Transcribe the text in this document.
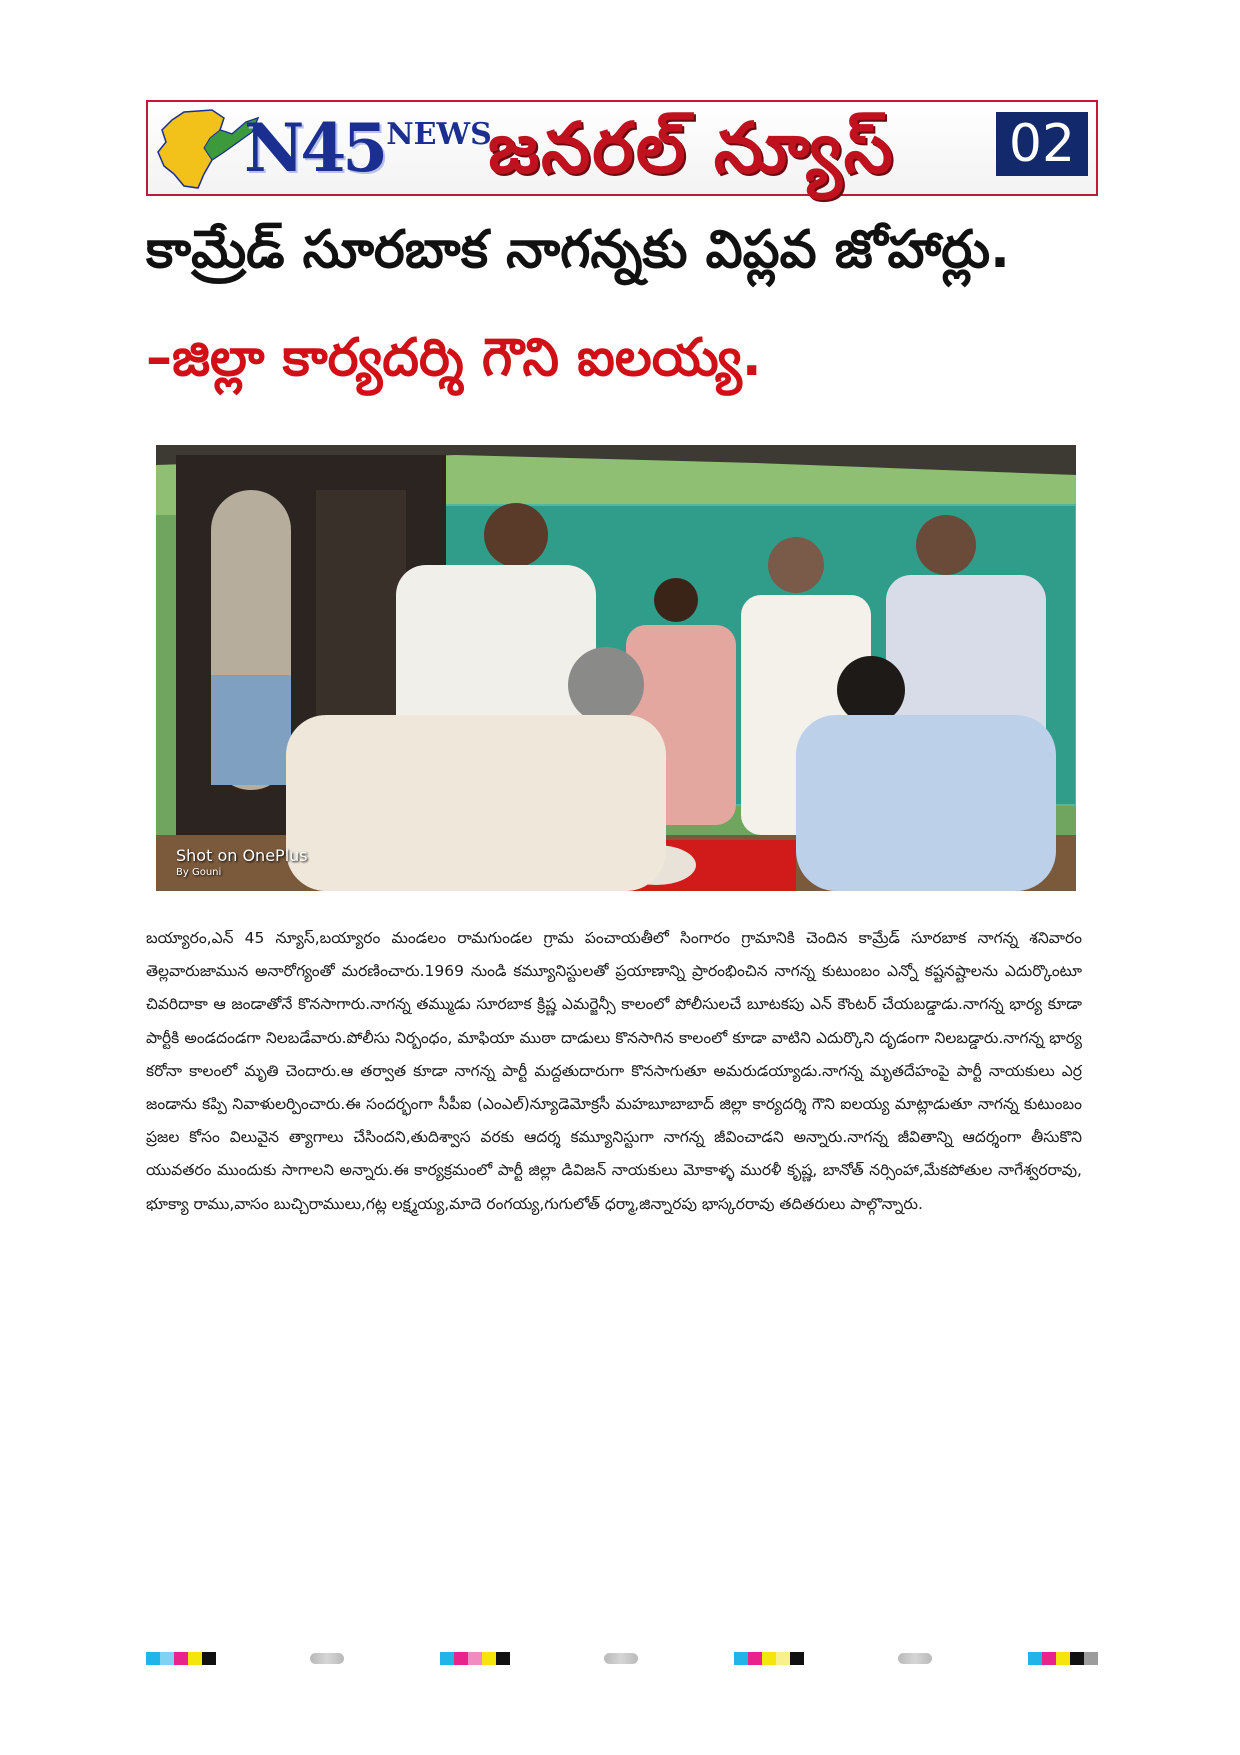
N45 NEWS
జనరల్ న్యూస్ 02
కామ్రేడ్ సూరబాక నాగన్నకు విప్లవ జోహార్లు.
–జిల్లా కార్యదర్శి గౌని ఐలయ్య.
Shot on OnePlus
By Gouni
బయ్యారం,ఎన్ 45 న్యూస్,బయ్యారం మండలం రామగుండల గ్రామ పంచాయతీలో సింగారం గ్రామానికి చెందిన కామ్రేడ్ సూరబాక నాగన్న శనివారం తెల్లవారుజామున అనారోగ్యంతో మరణించారు.1969 నుండి కమ్యూనిస్టులతో ప్రయాణాన్ని ప్రారంభించిన నాగన్న కుటుంబం ఎన్నో కష్టనష్టాలను ఎదుర్కొంటూ చివరిదాకా ఆ జండాతోనే కొనసాగారు.నాగన్న తమ్ముడు సూరబాక క్రిష్ణ ఎమర్జెన్సీ కాలంలో పోలీసులచే బూటకపు ఎన్ కౌంటర్ చేయబడ్డాడు.నాగన్న భార్య కూడా పార్టీకి అండదండగా నిలబడేవారు.పోలీసు నిర్బంధం, మాఫియా ముఠా దాడులు కొనసాగిన కాలంలో కూడా వాటిని ఎదుర్కొని దృడంగా నిలబడ్డారు.నాగన్న భార్య కరోనా కాలంలో మృతి చెందారు.ఆ తర్వాత కూడా నాగన్న పార్టీ మద్దతుదారుగా కొనసాగుతూ అమరుడయ్యాడు.నాగన్న మృతదేహంపై పార్టీ నాయకులు ఎర్ర జండాను కప్పి నివాళులర్పించారు.ఈ సందర్భంగా సీపీఐ (ఎంఎల్)న్యూడెమోక్రసీ మహబూబాబాద్ జిల్లా కార్యదర్శి గౌని ఐలయ్య మాట్లాడుతూ నాగన్న కుటుంబం ప్రజల కోసం విలువైన త్యాగాలు చేసిందని,తుదిశ్వాస వరకు ఆదర్శ కమ్యూనిస్టుగా నాగన్న జీవించాడని అన్నారు.నాగన్న జీవితాన్ని ఆదర్శంగా తీసుకొని యువతరం ముందుకు సాగాలని అన్నారు.ఈ కార్యక్రమంలో పార్టీ జిల్లా డివిజన్ నాయకులు మోకాళ్ళ మురళీ కృష్ణ, బానోత్ నర్సింహా,మేకపోతుల నాగేశ్వరరావు, భూక్యా రాము,వాసం బుచ్చిరాములు,గట్ల లక్ష్మయ్య,మాదె రంగయ్య,గుగులోత్ ధర్మా,జిన్నారపు భాస్కరరావు తదితరులు పాల్గొన్నారు.
